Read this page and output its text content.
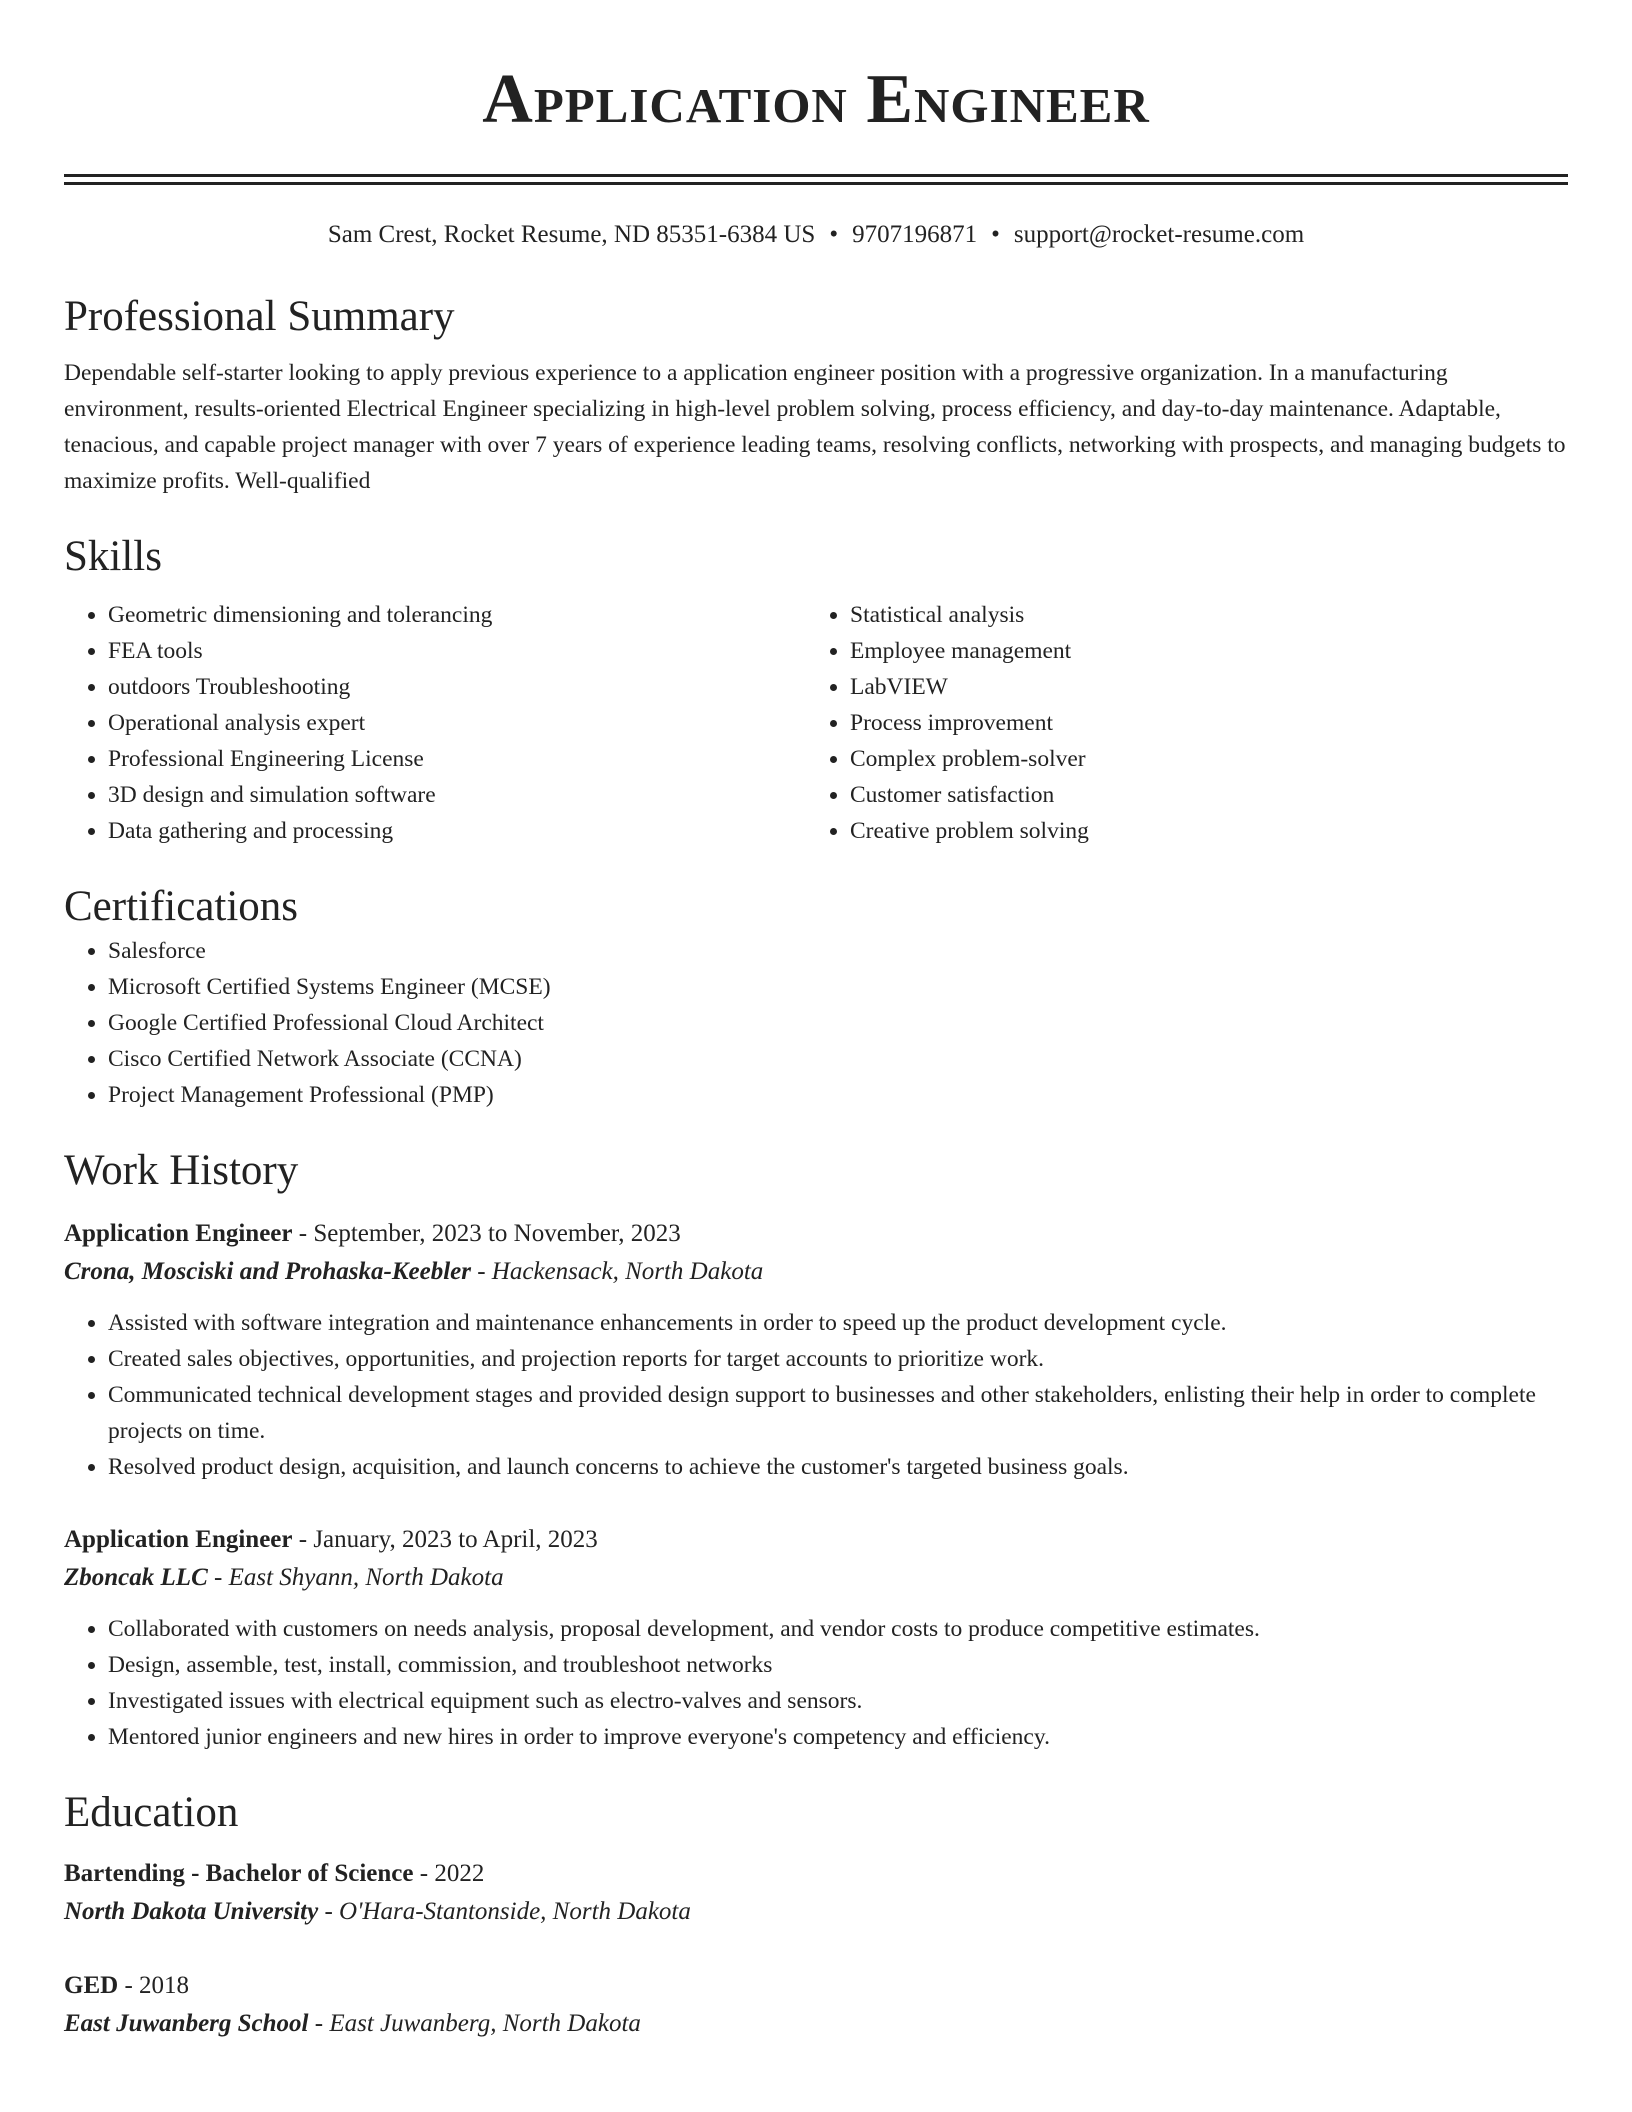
Application Engineer
Sam Crest, Rocket Resume, ND 85351-6384 US • 9707196871 • support@rocket-resume.com
Professional Summary
Dependable self-starter looking to apply previous experience to a application engineer position with a progressive organization. In a manufacturing environment, results-oriented Electrical Engineer specializing in high-level problem solving, process efficiency, and day-to-day maintenance. Adaptable, tenacious, and capable project manager with over 7 years of experience leading teams, resolving conflicts, networking with prospects, and managing budgets to maximize profits. Well-qualified
Skills
• Geometric dimensioning and tolerancing
• FEA tools
• outdoors Troubleshooting
• Operational analysis expert
• Professional Engineering License
• 3D design and simulation software
• Data gathering and processing
• Statistical analysis
• Employee management
• LabVIEW
• Process improvement
• Complex problem-solver
• Customer satisfaction
• Creative problem solving
Certifications
• Salesforce
• Microsoft Certified Systems Engineer (MCSE)
• Google Certified Professional Cloud Architect
• Cisco Certified Network Associate (CCNA)
• Project Management Professional (PMP)
Work History
Application Engineer - September, 2023 to November, 2023
Crona, Mosciski and Prohaska-Keebler - Hackensack, North Dakota
• Assisted with software integration and maintenance enhancements in order to speed up the product development cycle.
• Created sales objectives, opportunities, and projection reports for target accounts to prioritize work.
• Communicated technical development stages and provided design support to businesses and other stakeholders, enlisting their help in order to complete projects on time.
• Resolved product design, acquisition, and launch concerns to achieve the customer's targeted business goals.
Application Engineer - January, 2023 to April, 2023
Zboncak LLC - East Shyann, North Dakota
• Collaborated with customers on needs analysis, proposal development, and vendor costs to produce competitive estimates.
• Design, assemble, test, install, commission, and troubleshoot networks
• Investigated issues with electrical equipment such as electro-valves and sensors.
• Mentored junior engineers and new hires in order to improve everyone's competency and efficiency.
Education
Bartending - Bachelor of Science - 2022
North Dakota University - O'Hara-Stantonside, North Dakota
GED - 2018
East Juwanberg School - East Juwanberg, North Dakota
